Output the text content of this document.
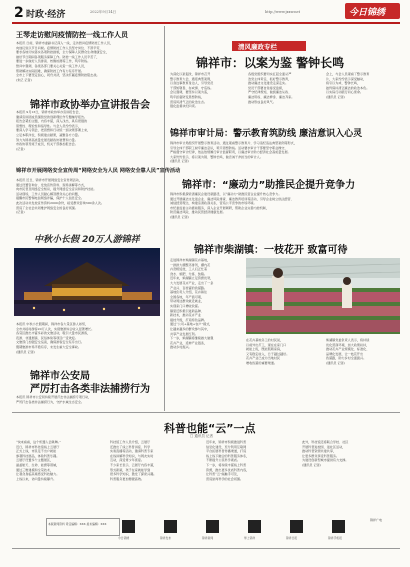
2 时政·经济	2022年9月14日	http://www.jxxw.net	今日锦绣
王琴走访慰问疫情防控一线工作人员
本报讯 日前，锦祥市委副书记深入一线，走访慰问疫情防控工作人员，
向他们致以节日问候。疫情防控工作人员坚守岗位、不辞辛劳，
要求各地切实落实各项防控措施，全力保障人民群众生命健康安全，
做好节日期间各项服务保障工作。防控一线工作人员辛苦了，
要进一步做好人员排查、核酸检测等工作，筑牢防线。
慰问中强调，各级各部门要关心关爱一线工作人员，
帮助解决实际困难，确保防控工作有力有序开展。
全市上下要坚定信心，同舟共济，坚决打赢疫情防控阻击战。
(朱记 记者)
锦祥市政协举办宣讲报告会
本报讯 9月13日，锦祥市政协举办宣讲报告会，
邀请宣讲团成员围绕党的创新理论作专题辅导报告。
报告会紧扣主题，内容丰富，深入浅出，具有很强的
思想性、理论性和指导性。与会人员纷纷表示，
要深入学习领会，把思想和行动统一到决策部署上来，
立足本职岗位，积极建言献策，凝聚各方力量。
努力为锦祥高质量发展贡献政协智慧和力量。
市政协领导班子成员，机关干部参加报告会。
(记者)
锦祥市开展网络安全宣传周“网络安全为人民 网络安全靠人民”宣传活动
本报讯 近日，锦祥市开展网络安全宣传周活动，
通过设置咨询台、发放宣传资料、现场讲解等方式，
向市民普及网络安全知识，提升网络安全意识和防护技能。
活动现场，工作人员耐心解答群众关心的问题，
提醒市民警惕电信网络诈骗，保护个人信息安全。
此次活动共发放宣传资料2000余份，接受群众咨询300余人次。
营造了全社会共同维护网络安全的良好氛围。
(记者)
中秋小长假 20万人游锦祥
本报讯 中秋小长假期间，锦祥市各大景区游人如织，
全市共接待游客20万人次，实现旅游综合收入显著增长。
各景区推出丰富多彩的文旅活动，吸引大量市民游客，
夜游、非遗展演、民俗体验等项目广受欢迎。
文旅部门加强安全巡查，确保游客安全有序出行。
假期旅游市场平稳有序，未发生重大安全事故。
(通讯员 记者)
锦祥市公安局
严厉打击各类非法捕捞行为
本报讯 锦祥市公安局持续开展打击非法捕捞专项行动，
严厉打击各类非法捕捞行为，守护水域生态安全。
清风廉政专栏
锦祥市：以案为鉴 警钟长鸣
为深化以案促改，锦祥市召开
警示教育大会，通报典型案例，
以身边事教育身边人，引导党员
干部知敬畏、存戒惧、守底线。
会议强调，要坚持以案为鉴，
筑牢拒腐防变思想防线，
营造风清气正的政治生态。
强化监督执纪问责。
各级党组织要切实扛起全面从严
治党主体责任，抓好警示教育，
推动廉洁文化建设走深走实。
党员干部要自觉接受监督，
严守纪律规矩，做到廉洁从政、
廉洁用权、廉洁修身、廉洁齐家。
推动形成良好风气。
会上，与会人员观看了警示教育
片，大家纷纷表示深受触动，
将引以为戒、警钟长鸣，
始终保持清正廉洁的政治本色。
以实际行动践行初心使命。
(通讯员 记者)
锦祥市审计局：警示教育筑防线 廉洁意识入心灵
锦祥市审计局组织开展警示教育活动，通过观看警示教育片、学习违纪违法典型案例等形式，
引导全体干部职工树牢廉洁意识，筑牢思想防线。活动要求审计干部要坚守职业操守，
严格遵守审计纪律，依法依规履行审计监督职责，以廉洁审计助力经济社会高质量发展。
大家纷纷表示，将以案为镜、警钟长鸣，做忠诚干净担当的审计人。
(通讯员 记者)
锦祥市：“廉动力”助推民企提升竞争力
锦祥市积极探索清廉民企建设新路径，以“廉动力”助推民营企业提升核心竞争力。
通过开展廉洁文化进企业、廉洁风险排查、廉洁教育培训等活动，引导企业树立依法经营、
诚信经营理念，构建亲清政商关系，营造公平竞争的市场环境。
市纪委监委主动靠前服务，深入企业开展调研，帮助企业完善内控机制，
防范廉洁风险，推动民营经济健康发展。
(通讯员 记者)
锦祥市柴湖镇：一枝花开 致富可待
走进锦祥市柴湖镇花卉基地，
一排排大棚整齐排列，棚内花
卉竞相绽放，工人们正忙着
浇水、施肥、分拣、装箱。
近年来，柴湖镇立足资源优势，
大力发展花卉产业，走出了一条
产业兴、百姓富的致富路。
基地负责人介绍，花卉销往
全国各地，年产值可观，
带动周边群众就近就业，
实现家门口增收致富。
镇里还积极引进新品种、
新技术，推动花卉产业
提档升级，打造特色品牌。
通过“公司+基地+农户”模式，
让越来越多的群众参与其中，
共享产业发展红利。
下一步，柴湖镇将继续做大做强
花卉产业，延伸产业链条，
推动乡村振兴。
在花卉基地务工的村民说，
以前外出打工，现在在家门口
就能上班，既能照顾家庭，
又有稳定收入，日子越过越好。
花卉产业已成为当地村民
增收致富的重要渠道。
柴湖镇党委负责人表示，将持续
优化营商环境，加大政策扶持，
推动花卉产业规模化、标准化、
品牌化发展，让一枝花开出
致富路，助力乡村全面振兴。
(通讯员 记者)
科普也能“云”一点
□ 通讯员 记者
“快来看看，这个机器人会跳舞。”
近日，锦祥市科技馆线上云展厅
正式上线，市民足不出户就能
参观科技展品，体验科普乐趣。
云展厅设置多个主题展区，
涵盖航天、生命、能源等领域，
通过三维建模和全景技术，
让观众身临其境感受科技魅力。
上线以来，访问量持续攀升。
科技馆工作人员介绍，云展厅
还推出了线上科普讲座、科学
实验直播等活动，邀请科普专家
在线讲解科学知识，与网友实时
互动，深受青少年喜爱。
不少家长表示，云展厅内容丰富，
形式新颖，孩子在家就能学到
很多科学知识，激发了探索兴趣。
科普服务更加便捷高效。
近年来，锦祥市积极推进科普
信息化建设，充分利用互联网
平台拓展科普传播渠道，打造
线上线下融合的科普服务体系，
不断提升公民科学素质。
下一步，将持续丰富线上科普
资源，推出更多优质科普内容，
让科普“云”端触手可及，
营造崇尚科学的社会氛围。
此外，科技馆还将联合学校、社区
开展科普进校园、进社区活动，
推动科普资源共建共享，
让更多群众享受科普服务。
为建设创新型城市提供有力支撑。
(通讯员 记者)
本版新闻资料 责任编辑：XXX 美术编辑：XXX
今日锦绣	锦祥发布	锦祥新闻	掌上锦祥	锦祥日报	锦祥手机报
锦祥广电
